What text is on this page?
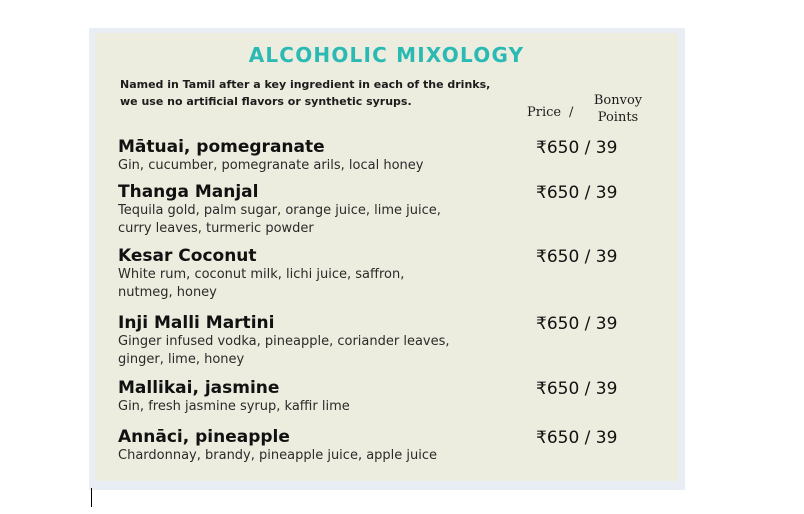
ALCOHOLIC MIXOLOGY
Named in Tamil after a key ingredient in each of the drinks,
we use no artificial flavors or synthetic syrups.
Price /
Bonvoy
Points

Mātuai, pomegranate

Gin, cucumber, pomegranate arils, local honey

₹650 / 39

Thanga Manjal

Tequila gold, palm sugar, orange juice, lime juice,

curry leaves, turmeric powder

₹650 / 39

Kesar Coconut

White rum, coconut milk, lichi juice, saffron,

nutmeg, honey

₹650 / 39

Inji Malli Martini

Ginger infused vodka, pineapple, coriander leaves,

ginger, lime, honey

₹650 / 39

Mallikai, jasmine

Gin, fresh jasmine syrup, kaffir lime

₹650 / 39

Annāci, pineapple

Chardonnay, brandy, pineapple juice, apple juice

₹650 / 39
